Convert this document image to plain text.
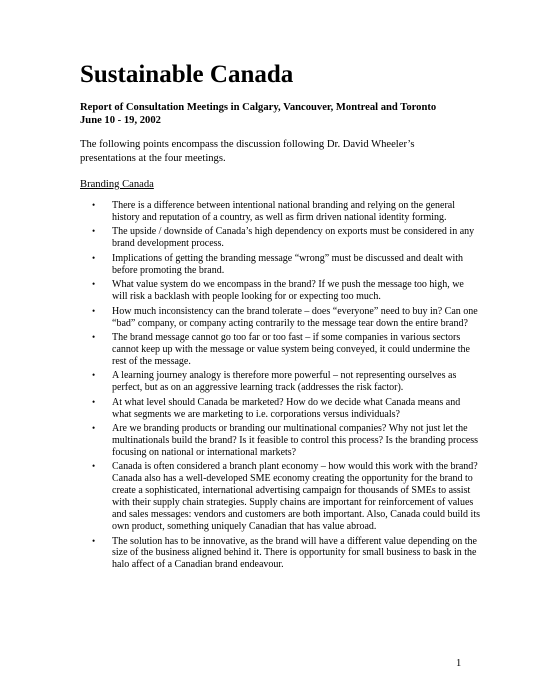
Sustainable Canada
Report of Consultation Meetings in Calgary, Vancouver, Montreal and Toronto
June 10 - 19, 2002
The following points encompass the discussion following Dr. David Wheeler’s
presentations at the four meetings.
Branding Canada
• There is a difference between intentional national branding and relying on the general history and reputation of a country, as well as firm driven national identity forming.
• The upside / downside of Canada’s high dependency on exports must be considered in any brand development process.
• Implications of getting the branding message “wrong” must be discussed and dealt with before promoting the brand.
• What value system do we encompass in the brand? If we push the message too high, we will risk a backlash with people looking for or expecting too much.
• How much inconsistency can the brand tolerate – does “everyone” need to buy in? Can one “bad” company, or company acting contrarily to the message tear down the entire brand?
• The brand message cannot go too far or too fast – if some companies in various sectors cannot keep up with the message or value system being conveyed, it could undermine the rest of the message.
• A learning journey analogy is therefore more powerful – not representing ourselves as perfect, but as on an aggressive learning track (addresses the risk factor).
• At what level should Canada be marketed? How do we decide what Canada means and what segments we are marketing to i.e. corporations versus individuals?
• Are we branding products or branding our multinational companies? Why not just let the multinationals build the brand? Is it feasible to control this process? Is the branding process focusing on national or international markets?
• Canada is often considered a branch plant economy – how would this work with the brand? Canada also has a well-developed SME economy creating the opportunity for the brand to create a sophisticated, international advertising campaign for thousands of SMEs to assist with their supply chain strategies. Supply chains are important for reinforcement of values and sales messages: vendors and customers are both important. Also, Canada could build its own product, something uniquely Canadian that has value abroad.
• The solution has to be innovative, as the brand will have a different value depending on the size of the business aligned behind it. There is opportunity for small business to bask in the halo affect of a Canadian brand endeavour.
1
